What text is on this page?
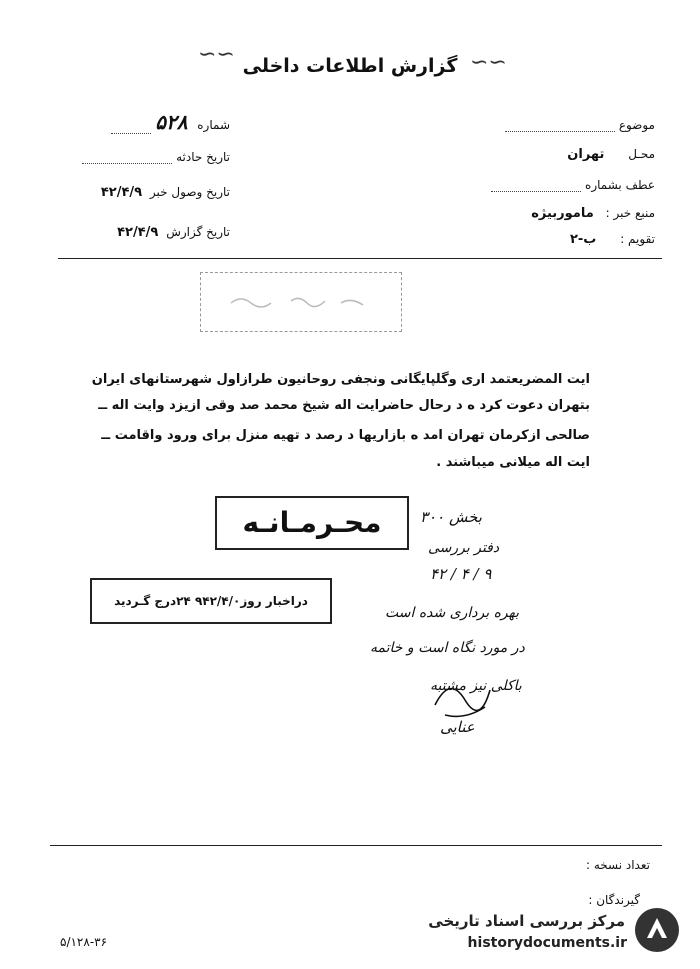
∽∽	∽∽
گزارش اطلاعات داخلی
شماره ۵۲۸
تاریخ حادثه
تاریخ وصول خبر ۴۲/۴/۹
تاریخ گزارش ۴۲/۴/۹
موضوع
محـل تهران
عطف بشماره
منبع خبر : ماموربیژه
تقویم : ب-۲
ایت المضریعتمد اری وگلپایگانی ونجفی روحانیون طرازاول شهرستانهای ایران
بتهران دعوت کرد ه د رحال حاضرایت اله شیخ محمد صد وقی ازیزد وایت اله ــ
صالحی ازکرمان تهران امد ه بازاریها د رصد د تهیه منزل برای ورود واقامت ــ
ایت اله میلانی میباشند .
محـرمـانـه
دراخبار روز۹۴۲/۴/۰ ۲۴درج گـردید
بخش ۳۰۰
دفتر بررسی
۹ / ۴ / ۴۲
بهره برداری شده است
در مورد نگاه است و خاتمه
باکلی نیز مشتبه
عنایی
تعداد نسخه :
گیرندگان :
۵/۱۲۸-۳۶
مرکز بررسی اسناد تاریخی
historydocuments.ir
